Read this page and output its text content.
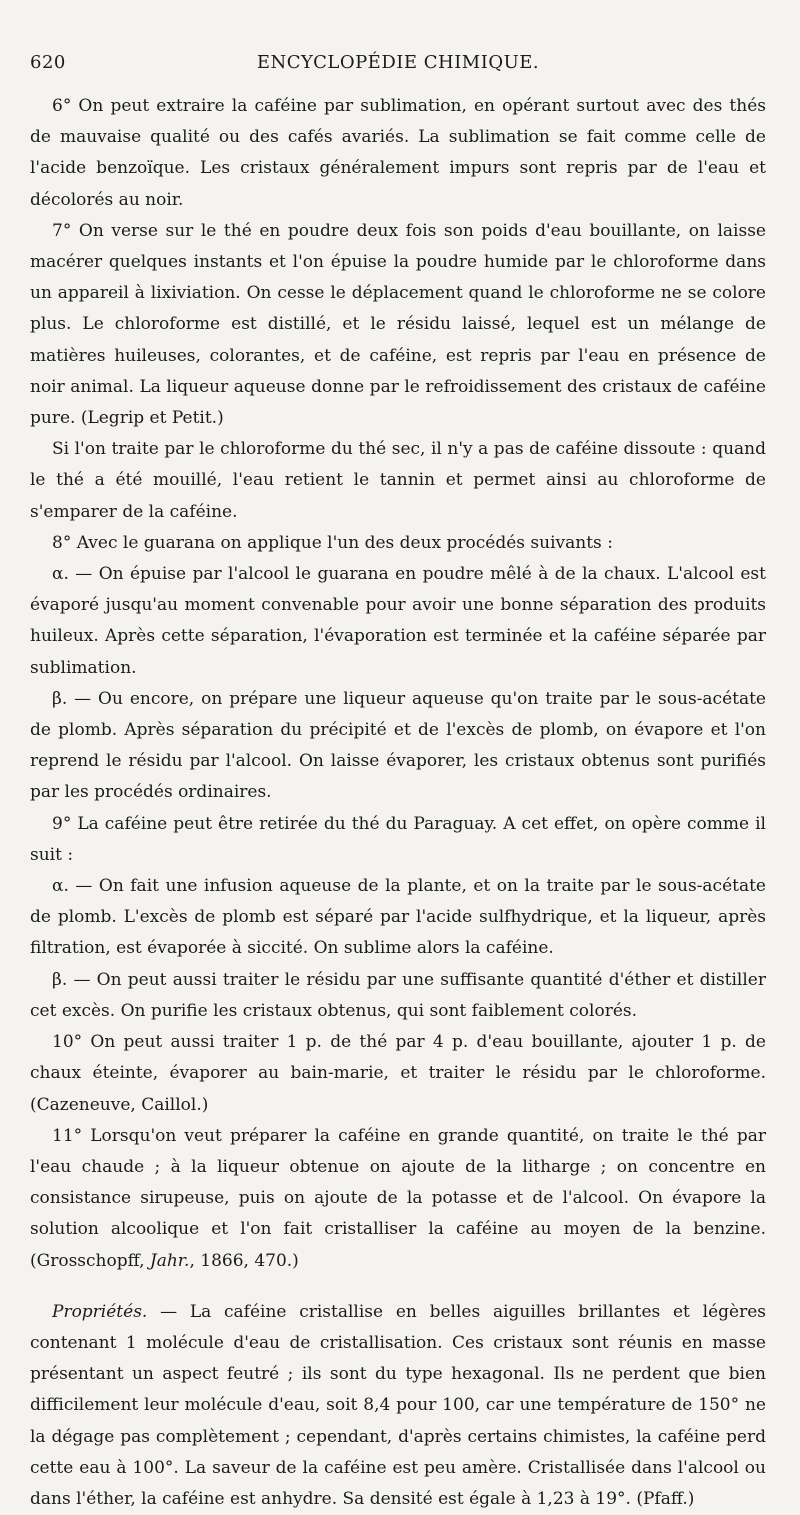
620	ENCYCLOPÉDIE CHIMIQUE.

6° On peut extraire la caféine par sublimation, en opérant surtout avec des thés de mauvaise qualité ou des cafés avariés. La sublimation se fait comme celle de l'acide benzoïque. Les cristaux généralement impurs sont repris par de l'eau et décolorés au noir.

7° On verse sur le thé en poudre deux fois son poids d'eau bouillante, on laisse macérer quelques instants et l'on épuise la poudre humide par le chloroforme dans un appareil à lixiviation. On cesse le déplacement quand le chloroforme ne se colore plus. Le chloroforme est distillé, et le résidu laissé, lequel est un mélange de matières huileuses, colorantes, et de caféine, est repris par l'eau en présence de noir animal. La liqueur aqueuse donne par le refroidissement des cristaux de caféine pure. (Legrip et Petit.)

Si l'on traite par le chloroforme du thé sec, il n'y a pas de caféine dissoute : quand le thé a été mouillé, l'eau retient le tannin et permet ainsi au chloroforme de s'emparer de la caféine.

8° Avec le guarana on applique l'un des deux procédés suivants :

α. — On épuise par l'alcool le guarana en poudre mêlé à de la chaux. L'alcool est évaporé jusqu'au moment convenable pour avoir une bonne séparation des produits huileux. Après cette séparation, l'évaporation est terminée et la caféine séparée par sublimation.

β. — Ou encore, on prépare une liqueur aqueuse qu'on traite par le sous-acétate de plomb. Après séparation du précipité et de l'excès de plomb, on évapore et l'on reprend le résidu par l'alcool. On laisse évaporer, les cristaux obtenus sont purifiés par les procédés ordinaires.

9° La caféine peut être retirée du thé du Paraguay. A cet effet, on opère comme il suit :

α. — On fait une infusion aqueuse de la plante, et on la traite par le sous-acétate de plomb. L'excès de plomb est séparé par l'acide sulfhydrique, et la liqueur, après filtration, est évaporée à siccité. On sublime alors la caféine.

β. — On peut aussi traiter le résidu par une suffisante quantité d'éther et distiller cet excès. On purifie les cristaux obtenus, qui sont faiblement colorés.

10° On peut aussi traiter 1 p. de thé par 4 p. d'eau bouillante, ajouter 1 p. de chaux éteinte, évaporer au bain-marie, et traiter le résidu par le chloroforme. (Cazeneuve, Caillol.)

11° Lorsqu'on veut préparer la caféine en grande quantité, on traite le thé par l'eau chaude ; à la liqueur obtenue on ajoute de la litharge ; on concentre en consistance sirupeuse, puis on ajoute de la potasse et de l'alcool. On évapore la solution alcoolique et l'on fait cristalliser la caféine au moyen de la benzine. (Grosschopff, Jahr., 1866, 470.)

Propriétés. — La caféine cristallise en belles aiguilles brillantes et légères contenant 1 molécule d'eau de cristallisation. Ces cristaux sont réunis en masse présentant un aspect feutré ; ils sont du type hexagonal. Ils ne perdent que bien difficilement leur molécule d'eau, soit 8,4 pour 100, car une température de 150° ne la dégage pas complètement ; cependant, d'après certains chimistes, la caféine perd cette eau à 100°. La saveur de la caféine est peu amère. Cristallisée dans l'alcool ou dans l'éther, la caféine est anhydre. Sa densité est égale à 1,23 à 19°. (Pfaff.)
